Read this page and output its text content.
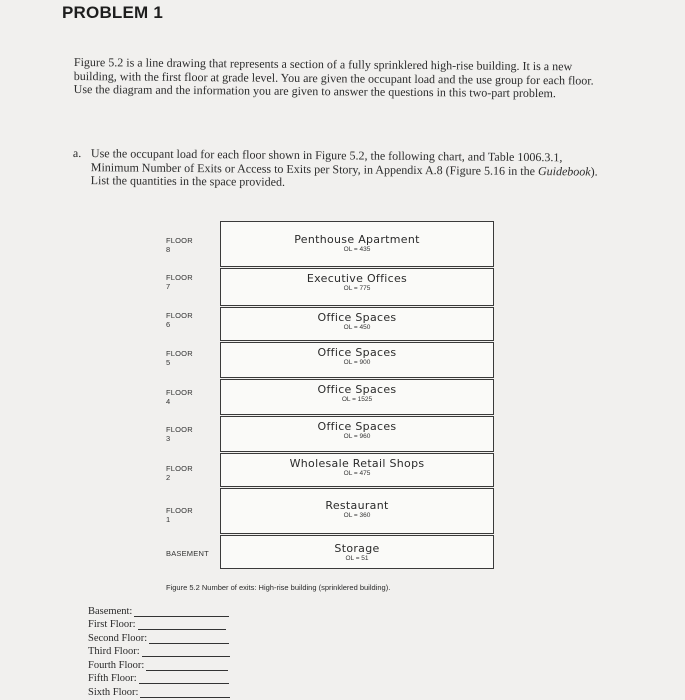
PROBLEM 1

Figure 5.2 is a line drawing that represents a section of a fully sprinklered high-rise building. It is a new building, with the first floor at grade level. You are given the occupant load and the use group for each floor. Use the diagram and the information you are given to answer the questions in this two-part problem.

a. Use the occupant load for each floor shown in Figure 5.2, the following chart, and Table 1006.3.1, Minimum Number of Exits or Access to Exits per Story, in Appendix A.8 (Figure 5.16 in the Guidebook). List the quantities in the space provided.
FLOOR 8
Penthouse Apartment
OL = 435
FLOOR 7
Executive Offices
OL = 775
FLOOR 6
Office Spaces
OL = 450
FLOOR 5
Office Spaces
OL = 900
FLOOR 4
Office Spaces
OL = 1525
FLOOR 3
Office Spaces
OL = 960
FLOOR 2
Wholesale Retail Shops
OL = 475
FLOOR 1
Restaurant
OL = 360
BASEMENT	Storage
OL = 51
Figure 5.2 Number of exits: High-rise building (sprinklered building).
Basement:
First Floor:
Second Floor:
Third Floor:
Fourth Floor:
Fifth Floor:
Sixth Floor:
